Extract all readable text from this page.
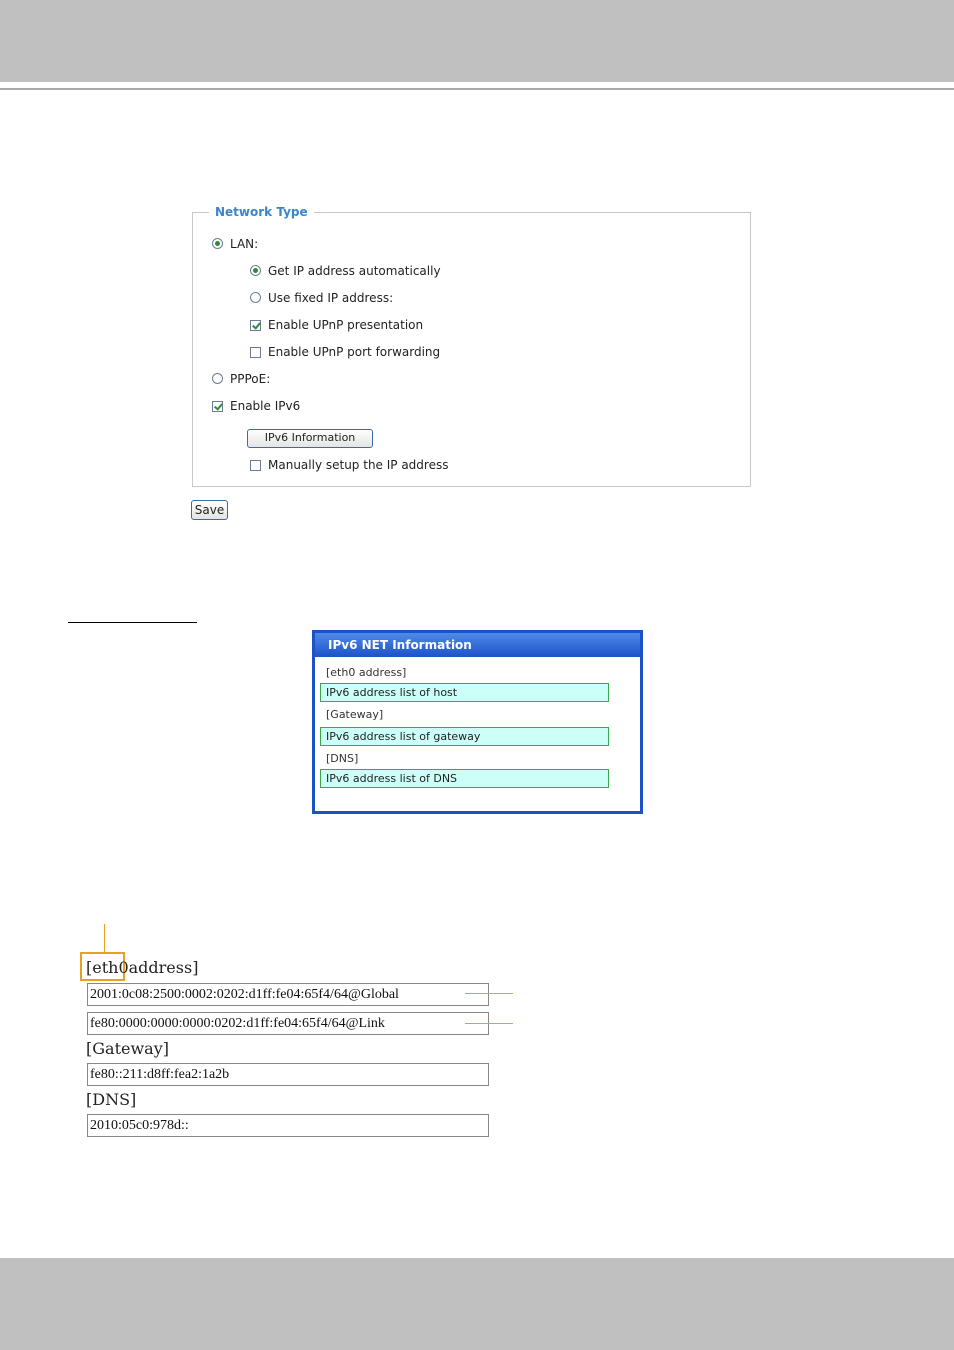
Network Type
LAN:
Get IP address automatically
Use fixed IP address:
Enable UPnP presentation
Enable UPnP port forwarding
PPPoE:
Enable IPv6
IPv6 Information
Manually setup the IP address
Save
IPv6 NET Information
[eth0 address]
IPv6 address list of host
[Gateway]
IPv6 address list of gateway
[DNS]
IPv6 address list of DNS
[eth0address]
2001:0c08:2500:0002:0202:d1ff:fe04:65f4/64@Global
fe80:0000:0000:0000:0202:d1ff:fe04:65f4/64@Link
[Gateway]
fe80::211:d8ff:fea2:1a2b
[DNS]
2010:05c0:978d::
